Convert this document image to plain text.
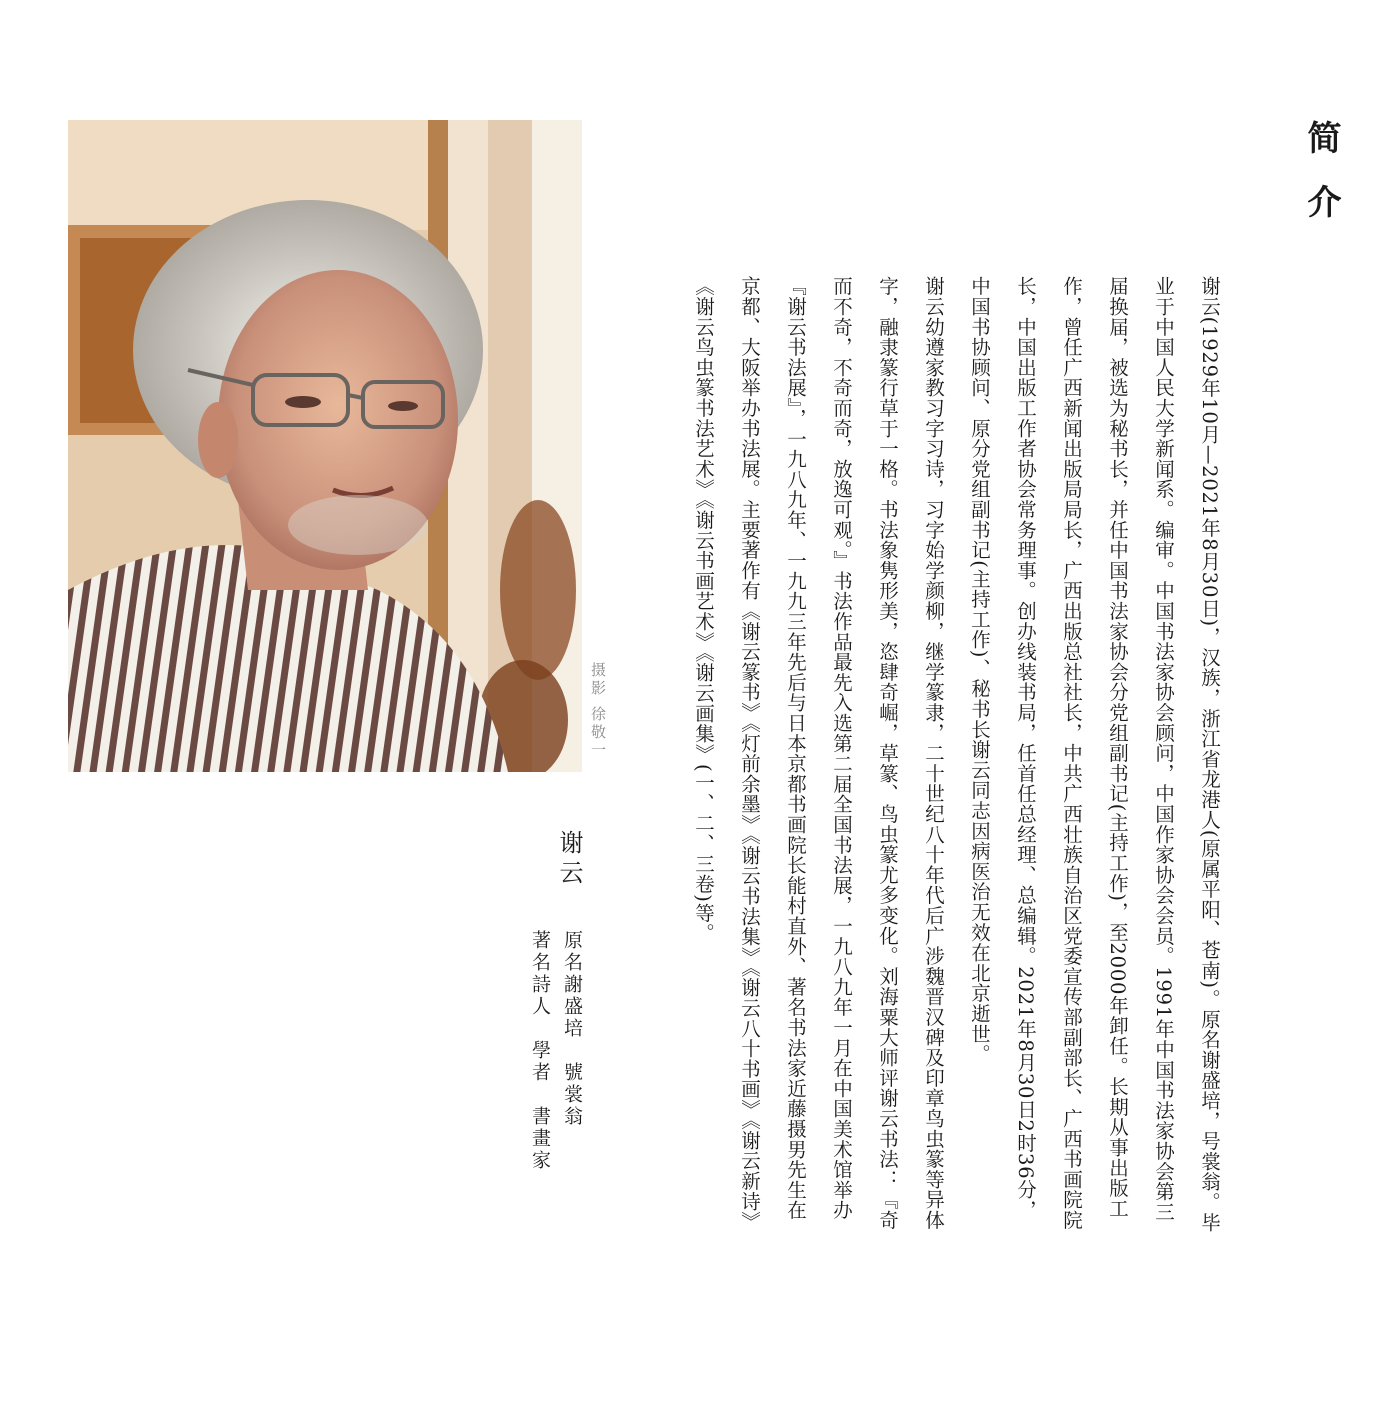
摄影 徐敬一
谢云
原名謝盛培　號裳翁
著名詩人　學者　書畫家
简介

谢云(1929年10月—2021年8月30日)，汉族，浙江省龙港人(原属平阳、苍南)。原名谢盛培，号裳翁。毕业于中国人民大学新闻系。编审。中国书法家协会顾问，中国作家协会会员。1991年中国书法家协会第三届换届，被选为秘书长，并任中国书法家协会分党组副书记(主持工作)，至2000年卸任。长期从事出版工作，曾任广西新闻出版局局长，广西出版总社社长，中共广西壮族自治区党委宣传部副部长、广西书画院院长，中国出版工作者协会常务理事。创办线装书局，任首任总经理、总编辑。2021年8月30日2时36分，中国书协顾问、原分党组副书记(主持工作)、秘书长谢云同志因病医治无效在北京逝世。

谢云幼遵家教习字习诗，习字始学颜柳，继学篆隶，二十世纪八十年代后广涉魏晋汉碑及印章鸟虫篆等异体字，融隶篆行草于一格。书法象隽形美，恣肆奇崛，草篆、鸟虫篆尤多变化。刘海粟大师评谢云书法：『奇而不奇，不奇而奇，放逸可观。』书法作品最先入选第二届全国书法展，一九八九年一月在中国美术馆举办『谢云书法展』，一九八九年、一九九三年先后与日本京都书画院长能村直外、著名书法家近藤摄男先生在京都、大阪举办书法展。主要著作有《谢云篆书》《灯前余墨》《谢云书法集》《谢云八十书画》《谢云新诗》《谢云鸟虫篆书法艺术》《谢云书画艺术》《谢云画集》(一、二、三卷)等。
